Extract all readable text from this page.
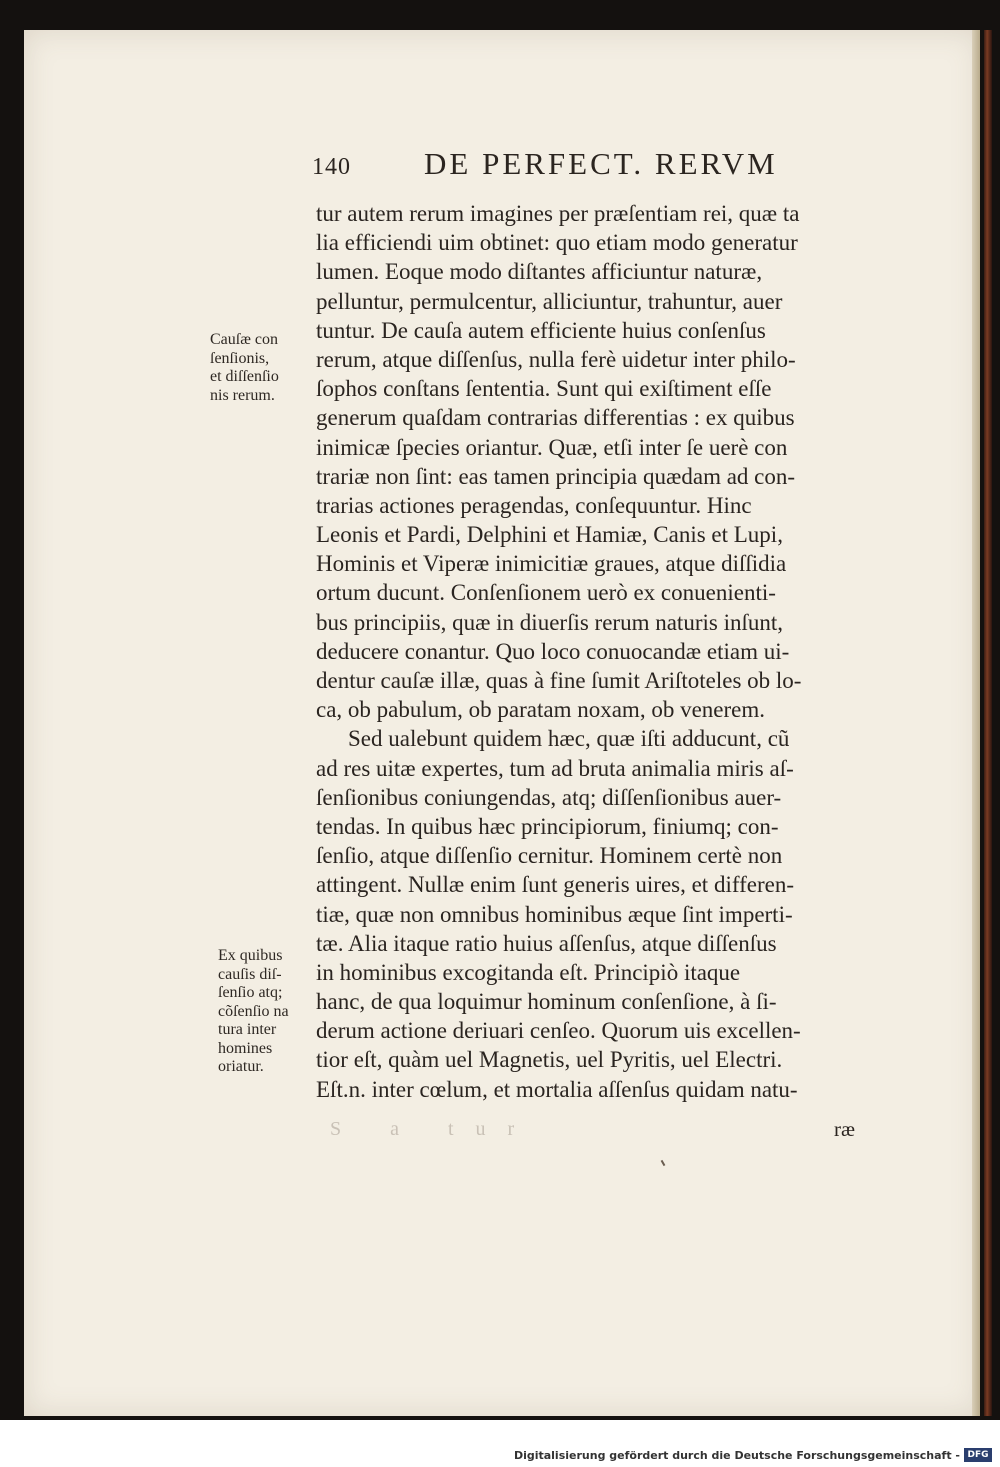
140 DE PERFECT. RERVM
tur autem rerum imagines per præſentiam rei, quæ ta
lia efficiendi uim obtinet: quo etiam modo generatur
lumen. Eoque modo diſtantes afficiuntur naturæ,
pelluntur, permulcentur, alliciuntur, trahuntur, auer
tuntur. De cauſa autem efficiente huius conſenſus
rerum, atque diſſenſus, nulla ferè uidetur inter philo-
ſophos conſtans ſententia. Sunt qui exiſtiment eſſe
generum quaſdam contrarias differentias : ex quibus
inimicæ ſpecies oriantur. Quæ, etſi inter ſe uerè con
trariæ non ſint: eas tamen principia quædam ad con-
trarias actiones peragendas, conſequuntur. Hinc
Leonis et Pardi, Delphini et Hamiæ, Canis et Lupi,
Hominis et Viperæ inimicitiæ graues, atque diſſidia
ortum ducunt. Conſenſionem uerò ex conuenienti-
bus principiis, quæ in diuerſis rerum naturis inſunt,
deducere conantur. Quo loco conuocandæ etiam ui-
dentur cauſæ illæ, quas à fine ſumit Ariſtoteles ob lo-
ca, ob pabulum, ob paratam noxam, ob venerem.
Sed ualebunt quidem hæc, quæ iſti adducunt, cũ
ad res uitæ expertes, tum ad bruta animalia miris aſ-
ſenſionibus coniungendas, atq; diſſenſionibus auer-
tendas. In quibus hæc principiorum, finiumq; con-
ſenſio, atque diſſenſio cernitur. Hominem certè non
attingent. Nullæ enim ſunt generis uires, et differen-
tiæ, quæ non omnibus hominibus æque ſint imperti-
tæ. Alia itaque ratio huius aſſenſus, atque diſſenſus
in hominibus excogitanda eſt. Principiò itaque
hanc, de qua loquimur hominum conſenſione, à ſi-
derum actione deriuari cenſeo. Quorum uis excellen-
tior eſt, quàm uel Magnetis, uel Pyritis, uel Electri.
Eſt.n. inter cœlum, et mortalia aſſenſus quidam natu-
S a tur	ræ
Cauſæ con
ſenſionis,
et diſſenſio
nis rerum.
Ex quibus
cauſis diſ-
ſenſio atq;
cõſenſio na
tura inter
homines
oriatur.
Digitalisierung gefördert durch die Deutsche Forschungsgemeinschaft - DFG
